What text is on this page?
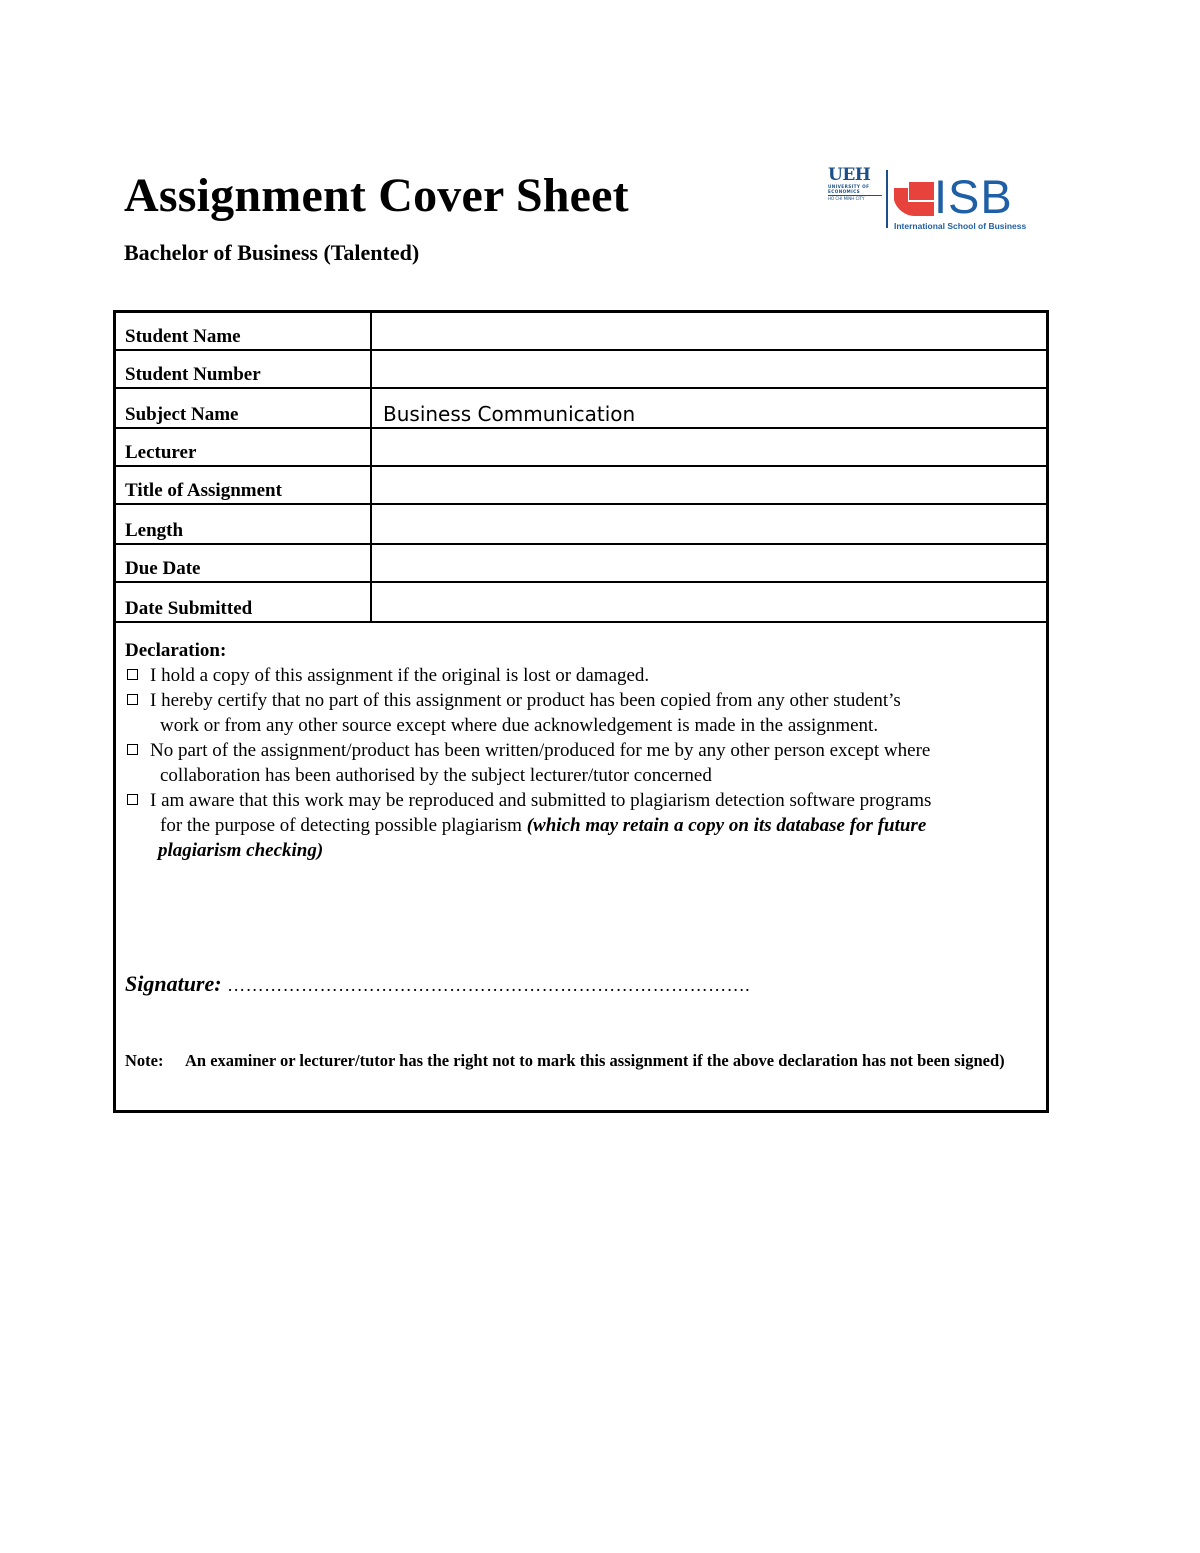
Assignment Cover Sheet
Bachelor of Business (Talented)
UEH
UNIVERSITY OF ECONOMICS
HO CHI MINH CITY	ISB
International School of Business
Student Name	

Student Number	

Subject Name	Business Communication

Lecturer	

Title of Assignment	

Length	

Due Date	

Date Submitted	

Declaration:
I hold a copy of this assignment if the original is lost or damaged.
I hereby certify that no part of this assignment or product has been copied from any other student’s
work or from any other source except where due acknowledgement is made in the assignment.
No part of the assignment/product has been written/produced for me by any other person except where
collaboration has been authorised by the subject lecturer/tutor concerned
I am aware that this work may be reproduced and submitted to plagiarism detection software programs
for the purpose of detecting possible plagiarism (which may retain a copy on its database for future
plagiarism checking)
Signature: ………………………………………………………………………….
Note: An examiner or lecturer/tutor has the right not to mark this assignment if the above declaration has not been signed)
